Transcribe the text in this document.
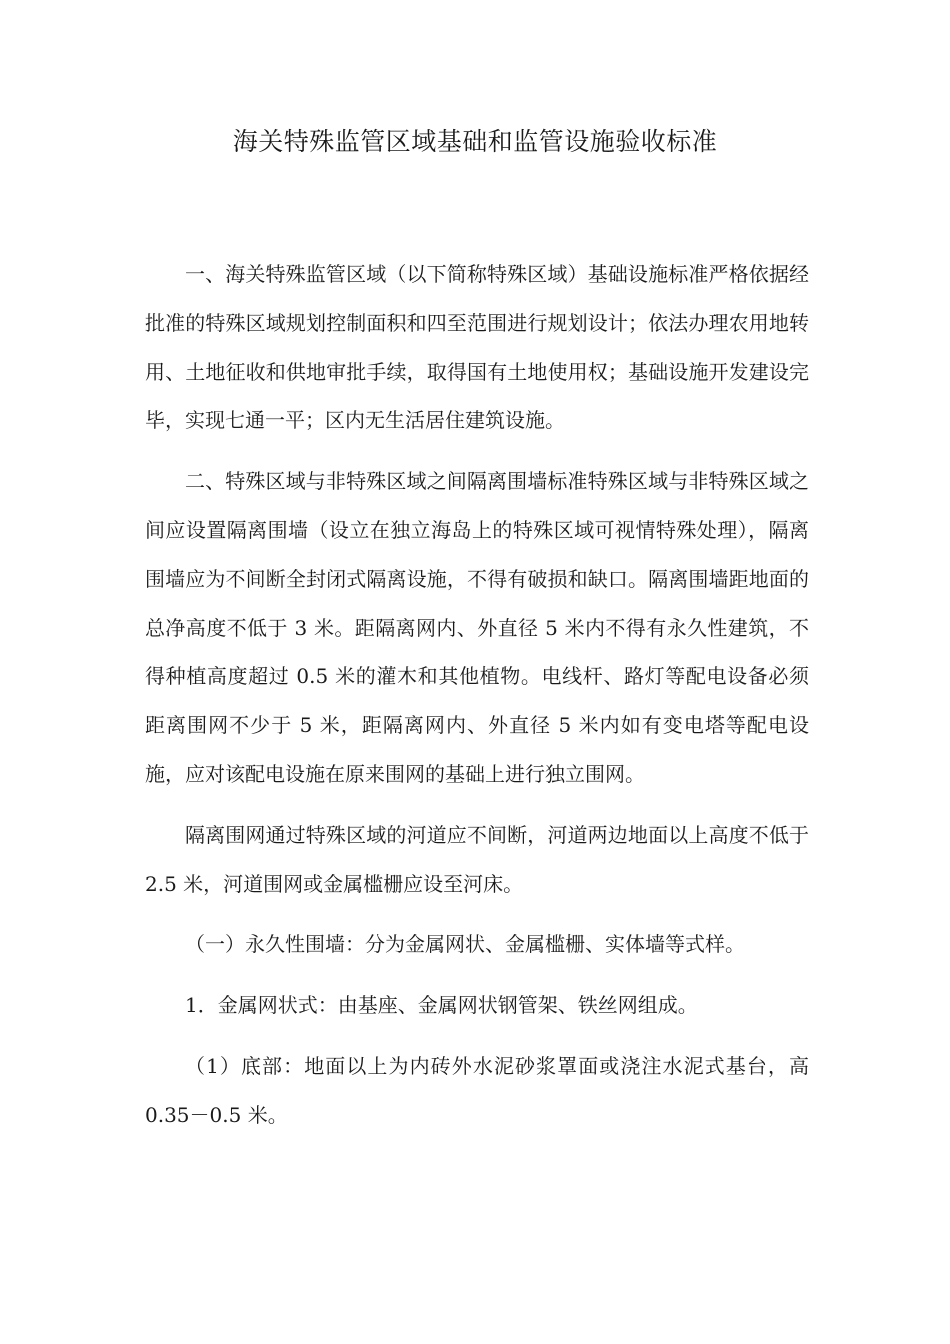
海关特殊监管区域基础和监管设施验收标准

一、海关特殊监管区域（以下简称特殊区域）基础设施标准严格依据经批准的特殊区域规划控制面积和四至范围进行规划设计；依法办理农用地转用、土地征收和供地审批手续，取得国有土地使用权；基础设施开发建设完毕，实现七通一平；区内无生活居住建筑设施。

二、特殊区域与非特殊区域之间隔离围墙标准特殊区域与非特殊区域之间应设置隔离围墙（设立在独立海岛上的特殊区域可视情特殊处理），隔离围墙应为不间断全封闭式隔离设施，不得有破损和缺口。隔离围墙距地面的总净高度不低于 3 米。距隔离网内、外直径 5 米内不得有永久性建筑，不得种植高度超过 0.5 米的灌木和其他植物。电线杆、路灯等配电设备必须距离围网不少于 5 米，距隔离网内、外直径 5 米内如有变电塔等配电设施，应对该配电设施在原来围网的基础上进行独立围网。

隔离围网通过特殊区域的河道应不间断，河道两边地面以上高度不低于 2.5 米，河道围网或金属槛栅应设至河床。

（一）永久性围墙：分为金属网状、金属槛栅、实体墙等式样。

1．金属网状式：由基座、金属网状钢管架、铁丝网组成。

（1）底部：地面以上为内砖外水泥砂浆罩面或浇注水泥式基台，高 0.35－0.5 米。
